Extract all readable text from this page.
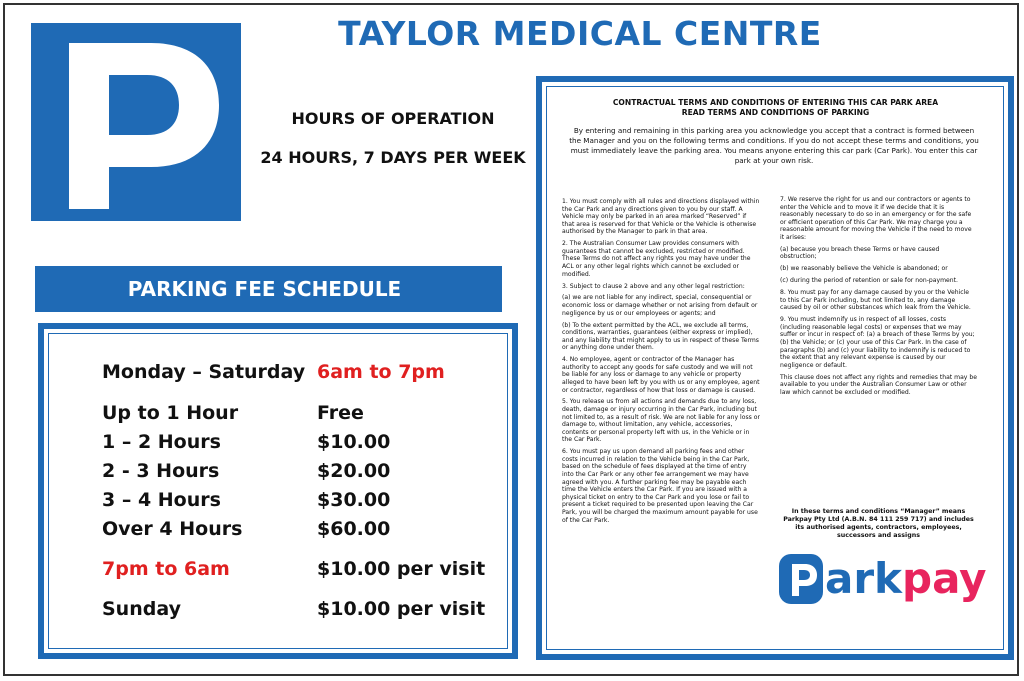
TAYLOR MEDICAL CENTRE
HOURS OF OPERATION
24 HOURS, 7 DAYS PER WEEK
PARKING FEE SCHEDULE
Monday – Saturday 6am to 7pm
Up to 1 Hour	Free
1 – 2 Hours	$10.00
2 - 3 Hours	$20.00
3 – 4 Hours	$30.00
Over 4 Hours	$60.00
7pm to 6am	$10.00 per visit
Sunday	$10.00 per visit
CONTRACTUAL TERMS AND CONDITIONS OF ENTERING THIS CAR PARK AREA
READ TERMS AND CONDITIONS OF PARKING
By entering and remaining in this parking area you acknowledge you accept that a contract is formed between the Manager and you on the following terms and conditions. If you do not accept these terms and conditions, you must immediately leave the parking area. You means anyone entering this car park (Car Park). You enter this car park at your own risk.

1. You must comply with all rules and directions displayed within the Car Park and any directions given to you by our staff. A Vehicle may only be parked in an area marked “Reserved” if that area is reserved for that Vehicle or the Vehicle is otherwise authorised by the Manager to park in that area.

2. The Australian Consumer Law provides consumers with guarantees that cannot be excluded, restricted or modified. These Terms do not affect any rights you may have under the ACL or any other legal rights which cannot be excluded or modified.

3. Subject to clause 2 above and any other legal restriction:

(a) we are not liable for any indirect, special, consequential or economic loss or damage whether or not arising from default or negligence by us or our employees or agents; and

(b) To the extent permitted by the ACL, we exclude all terms, conditions, warranties, guarantees (either express or implied), and any liability that might apply to us in respect of these Terms or anything done under them.

4. No employee, agent or contractor of the Manager has authority to accept any goods for safe custody and we will not be liable for any loss or damage to any vehicle or property alleged to have been left by you with us or any employee, agent or contractor, regardless of how that loss or damage is caused.

5. You release us from all actions and demands due to any loss, death, damage or injury occurring in the Car Park, including but not limited to, as a result of risk. We are not liable for any loss or damage to, without limitation, any vehicle, accessories, contents or personal property left with us, in the Vehicle or in the Car Park.

6. You must pay us upon demand all parking fees and other costs incurred in relation to the Vehicle being in the Car Park, based on the schedule of fees displayed at the time of entry into the Car Park or any other fee arrangement we may have agreed with you. A further parking fee may be payable each time the Vehicle enters the Car Park. If you are issued with a physical ticket on entry to the Car Park and you lose or fail to present a ticket required to be presented upon leaving the Car Park, you will be charged the maximum amount payable for use of the Car Park.

7. We reserve the right for us and our contractors or agents to enter the Vehicle and to move it if we decide that it is reasonably necessary to do so in an emergency or for the safe or efficient operation of this Car Park. We may charge you a reasonable amount for moving the Vehicle if the need to move it arises:

(a) because you breach these Terms or have caused obstruction;

(b) we reasonably believe the Vehicle is abandoned; or

(c) during the period of retention or sale for non-payment.

8. You must pay for any damage caused by you or the Vehicle to this Car Park including, but not limited to, any damage caused by oil or other substances which leak from the Vehicle.

9. You must indemnify us in respect of all losses, costs (including reasonable legal costs) or expenses that we may suffer or incur in respect of: (a) a breach of these Terms by you; (b) the Vehicle; or (c) your use of this Car Park. In the case of paragraphs (b) and (c) your liability to indemnify is reduced to the extent that any relevant expense is caused by our negligence or default.

This clause does not affect any rights and remedies that may be available to you under the Australian Consumer Law or other law which cannot be excluded or modified.

In these terms and conditions “Manager” means Parkpay Pty Ltd (A.B.N. 84 111 259 717) and includes its authorised agents, contractors, employees, successors and assigns
arkpay
